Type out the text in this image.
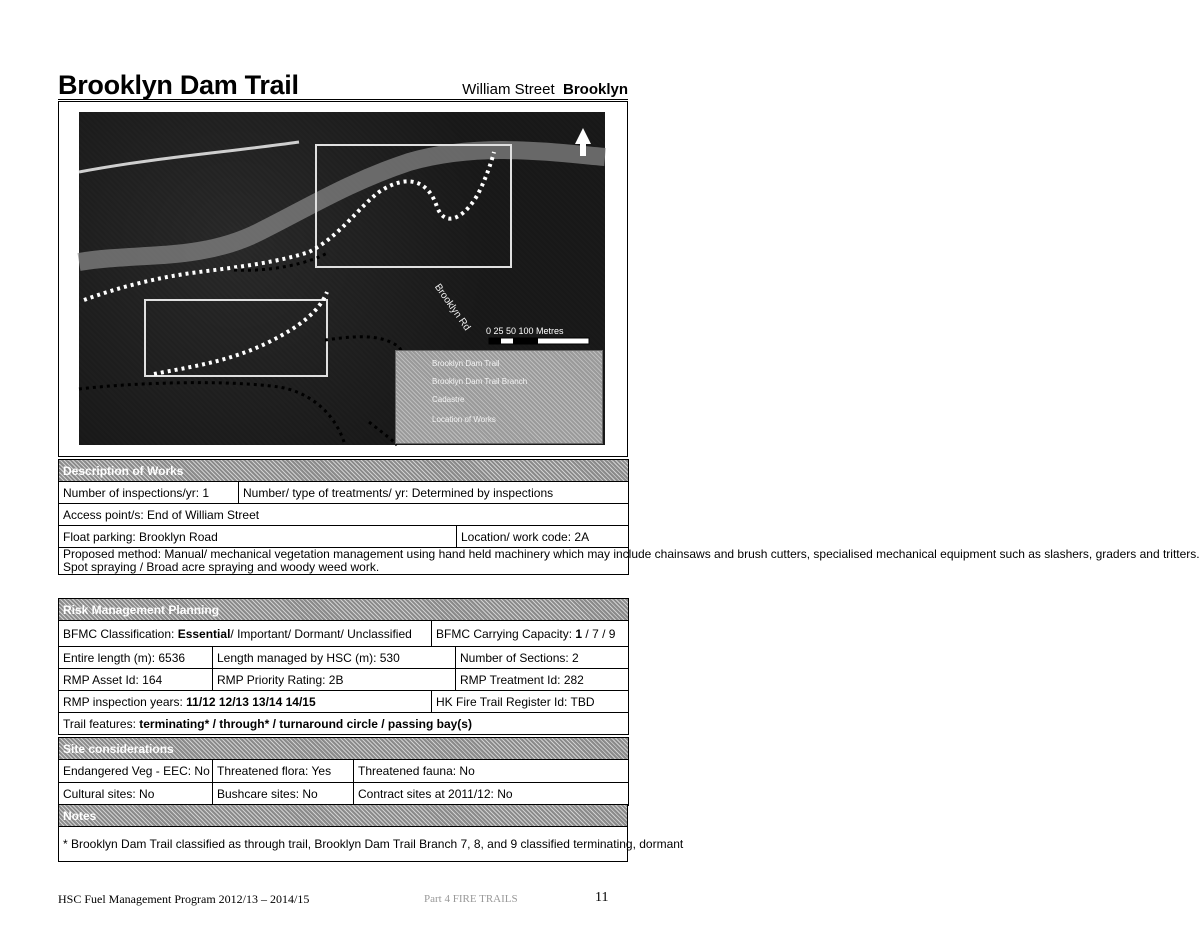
Brooklyn Dam Trail	William Street Brooklyn
Brooklyn Rd 0 25 50 100 Metres
Brooklyn Dam Trail
Brooklyn Dam Trail Branch
Cadastre
Location of Works
Description of Works		
Number of inspections/yr: 1	Number/ type of treatments/ yr: Determined by inspections	
Access point/s: End of William Street		
Float parking: Brooklyn Road		Location/ work code: 2A

Proposed method: Manual/ mechanical vegetation management using hand held machinery which may include chainsaws and brush cutters, specialised mechanical equipment such as slashers, graders and tritters.
Spot spraying / Broad acre spraying and woody weed work.		
Risk Management Planning			
BFMC Classification: Essential/ Important/ Dormant/ Unclassified		BFMC Carrying Capacity: 1 / 7 / 9	
Entire length (m): 6536	Length managed by HSC (m): 530		Number of Sections: 2
RMP Asset Id: 164	RMP Priority Rating: 2B		RMP Treatment Id: 282
RMP inspection years: 11/12 12/13 13/14 14/15		HK Fire Trail Register Id: TBD	
Trail features: terminating* / through* / turnaround circle / passing bay(s)			
Site considerations		
Endangered Veg - EEC: No	Threatened flora: Yes	Threatened fauna: No
Cultural sites: No	Bushcare sites: No	Contract sites at 2011/12: No
Notes
* Brooklyn Dam Trail classified as through trail, Brooklyn Dam Trail Branch 7, 8, and 9 classified terminating, dormant
HSC Fuel Management Program 2012/13 – 2014/15	Part 4 FIRE TRAILS	11
